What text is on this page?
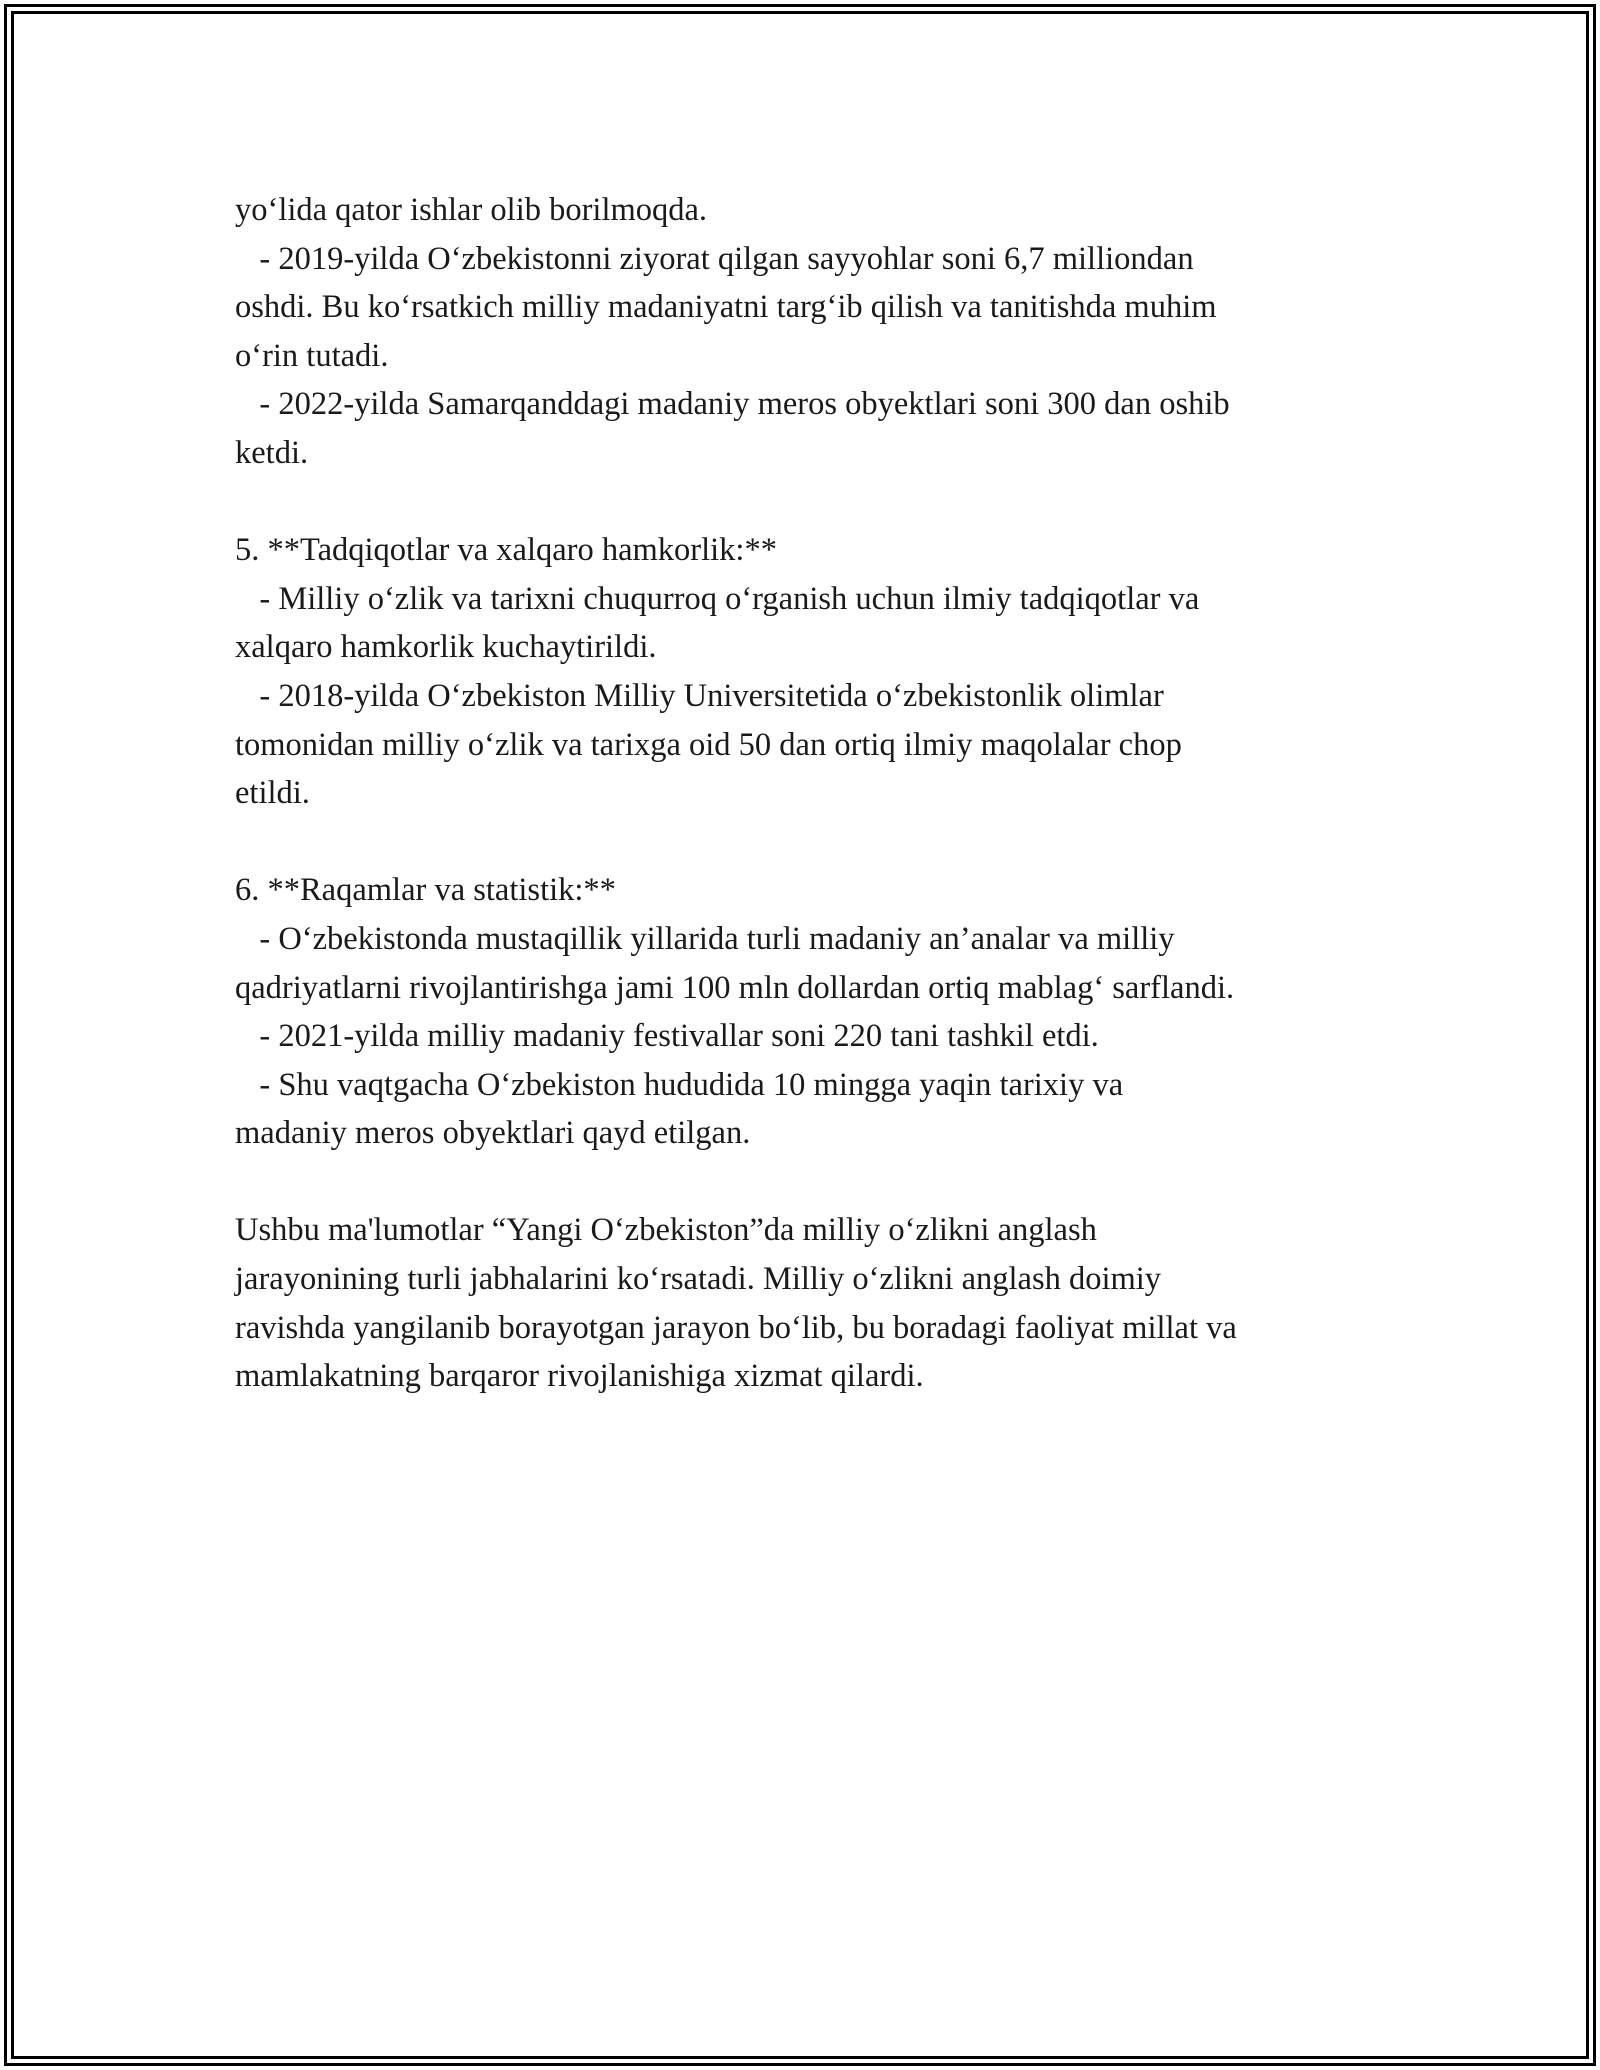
yo‘lida qator ishlar olib borilmoqda.
- 2019-yilda O‘zbekistonni ziyorat qilgan sayyohlar soni 6,7 milliondan
oshdi. Bu ko‘rsatkich milliy madaniyatni targ‘ib qilish va tanitishda muhim
o‘rin tutadi.
- 2022-yilda Samarqanddagi madaniy meros obyektlari soni 300 dan oshib
ketdi.
5. **Tadqiqotlar va xalqaro hamkorlik:**
- Milliy o‘zlik va tarixni chuqurroq o‘rganish uchun ilmiy tadqiqotlar va
xalqaro hamkorlik kuchaytirildi.
- 2018-yilda O‘zbekiston Milliy Universitetida o‘zbekistonlik olimlar
tomonidan milliy o‘zlik va tarixga oid 50 dan ortiq ilmiy maqolalar chop
etildi.
6. **Raqamlar va statistik:**
- O‘zbekistonda mustaqillik yillarida turli madaniy an’analar va milliy
qadriyatlarni rivojlantirishga jami 100 mln dollardan ortiq mablag‘ sarflandi.
- 2021-yilda milliy madaniy festivallar soni 220 tani tashkil etdi.
- Shu vaqtgacha O‘zbekiston hududida 10 mingga yaqin tarixiy va
madaniy meros obyektlari qayd etilgan.
Ushbu ma'lumotlar “Yangi O‘zbekiston”da milliy o‘zlikni anglash
jarayonining turli jabhalarini ko‘rsatadi. Milliy o‘zlikni anglash doimiy
ravishda yangilanib borayotgan jarayon bo‘lib, bu boradagi faoliyat millat va
mamlakatning barqaror rivojlanishiga xizmat qilardi.
